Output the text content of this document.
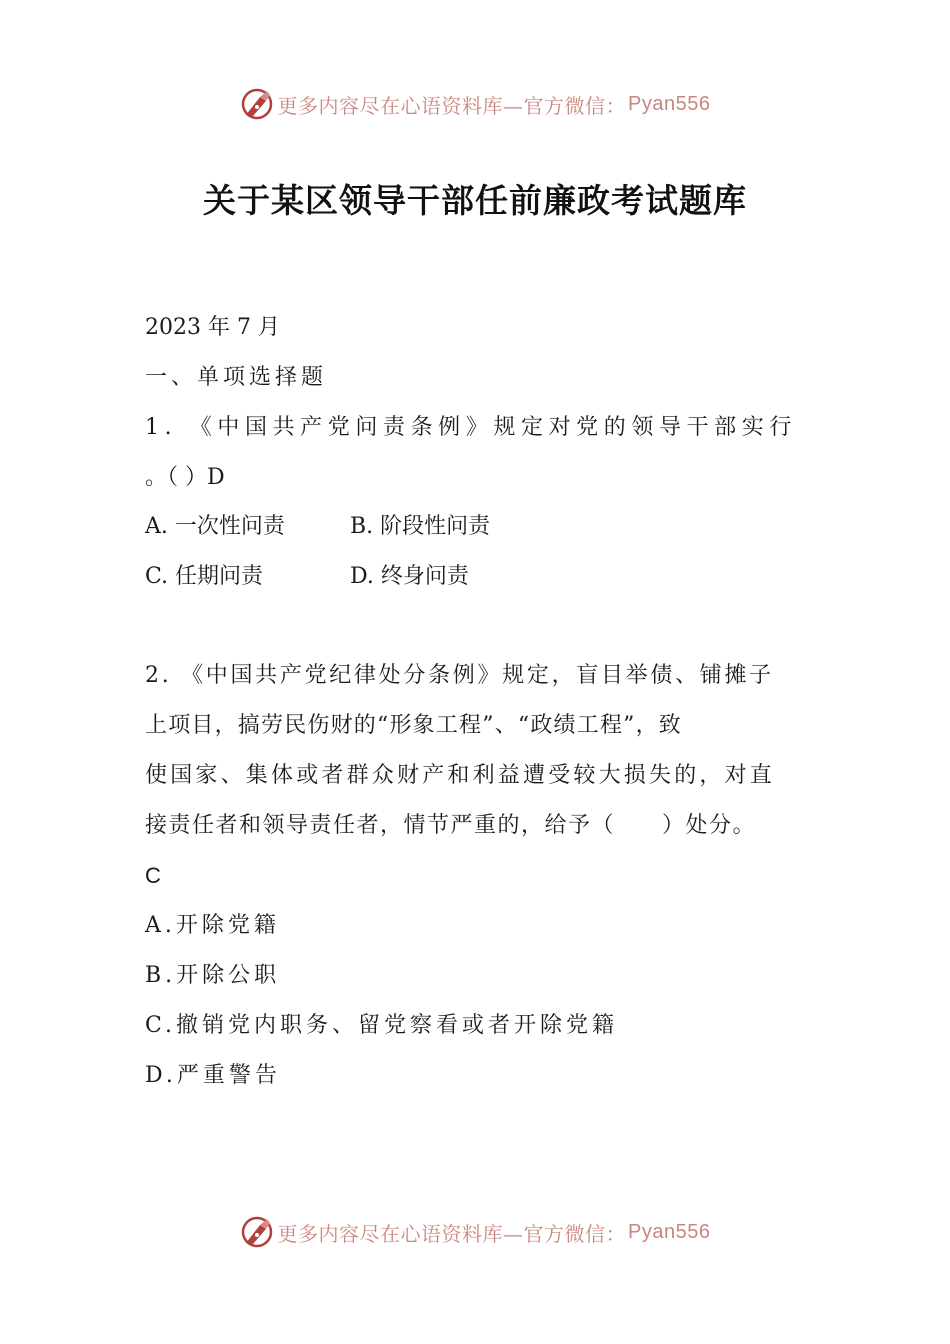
更多内容尽在心语资料库—官方微信： Pyan556
关于某区领导干部任前廉政考试题库
2023 年 7 月
一、单项选择题
1. 《中国共产党问责条例》规定对党的领导干部实行
。（ ）D
A. 一次性问责	B. 阶段性问责
C. 任期问责	D. 终身问责
2. 《中国共产党纪律处分条例》规定，盲目举债、铺摊子
上项目，搞劳民伤财的“形象工程”、“政绩工程”，致
使国家、集体或者群众财产和利益遭受较大损失的，对直
接责任者和领导责任者，情节严重的，给予（　　）处分。
C
A.开除党籍
B.开除公职
C.撤销党内职务、留党察看或者开除党籍
D.严重警告
更多内容尽在心语资料库—官方微信： Pyan556
